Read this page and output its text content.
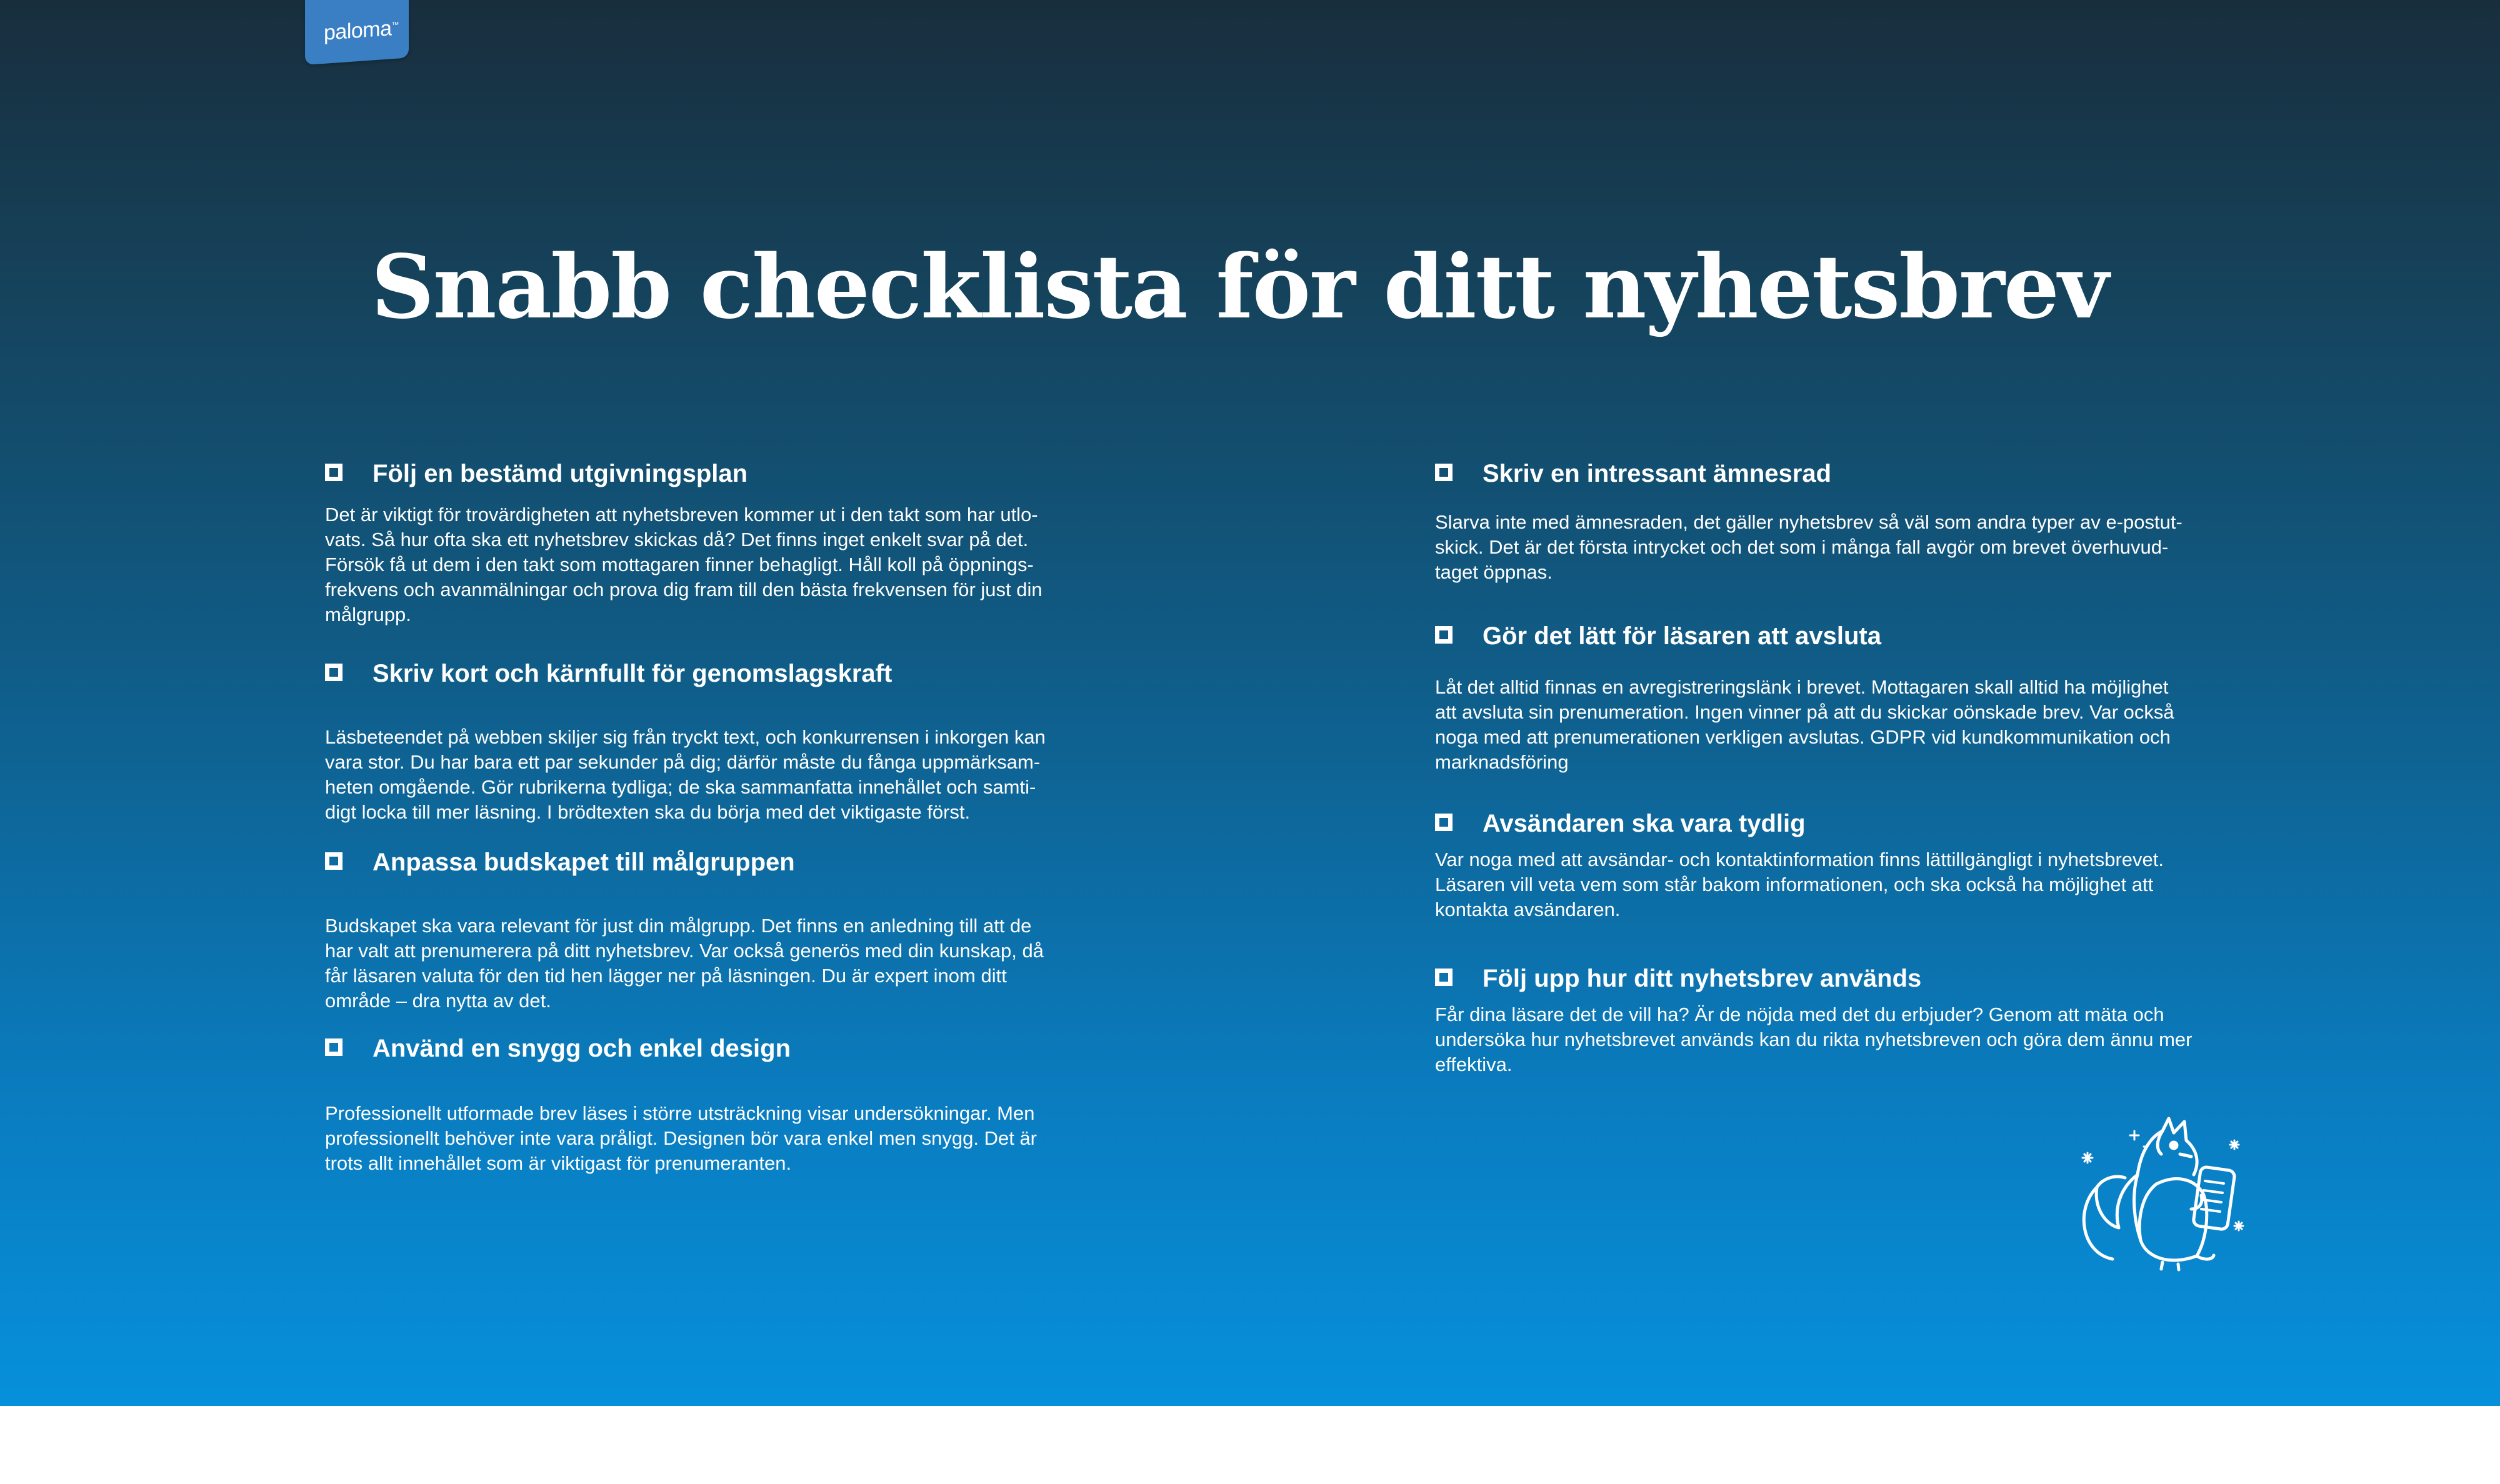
paloma™
Snabb checklista för ditt nyhetsbrev
Följ en bestämd utgivningsplan

Det är viktigt för trovärdigheten att nyhetsbreven kommer ut i den takt som har utlo-
vats. Så hur ofta ska ett nyhetsbrev skickas då? Det finns inget enkelt svar på det.
Försök få ut dem i den takt som mottagaren finner behagligt. Håll koll på öppnings-
frekvens och avanmälningar och prova dig fram till den bästa frekvensen för just din
målgrupp.

Skriv kort och kärnfullt för genomslagskraft

Läsbeteendet på webben skiljer sig från tryckt text, och konkurrensen i inkorgen kan
vara stor. Du har bara ett par sekunder på dig; därför måste du fånga uppmärksam-
heten omgående. Gör rubrikerna tydliga; de ska sammanfatta innehållet och samti-
digt locka till mer läsning. I brödtexten ska du börja med det viktigaste först.

Anpassa budskapet till målgruppen

Budskapet ska vara relevant för just din målgrupp. Det finns en anledning till att de
har valt att prenumerera på ditt nyhetsbrev. Var också generös med din kunskap, då
får läsaren valuta för den tid hen lägger ner på läsningen. Du är expert inom ditt
område – dra nytta av det.

Använd en snygg och enkel design

Professionellt utformade brev läses i större utsträckning visar undersökningar. Men
professionellt behöver inte vara pråligt. Designen bör vara enkel men snygg. Det är
trots allt innehållet som är viktigast för prenumeranten.

Skriv en intressant ämnesrad

Slarva inte med ämnesraden, det gäller nyhetsbrev så väl som andra typer av e-postut-
skick. Det är det första intrycket och det som i många fall avgör om brevet överhuvud-
taget öppnas.

Gör det lätt för läsaren att avsluta

Låt det alltid finnas en avregistreringslänk i brevet. Mottagaren skall alltid ha möjlighet
att avsluta sin prenumeration. Ingen vinner på att du skickar oönskade brev. Var också
noga med att prenumerationen verkligen avslutas. GDPR vid kundkommunikation och
marknadsföring

Avsändaren ska vara tydlig

Var noga med att avsändar- och kontaktinformation finns lättillgängligt i nyhetsbrevet.
Läsaren vill veta vem som står bakom informationen, och ska också ha möjlighet att
kontakta avsändaren.

Följ upp hur ditt nyhetsbrev används

Får dina läsare det de vill ha? Är de nöjda med det du erbjuder? Genom att mäta och
undersöka hur nyhetsbrevet används kan du rikta nyhetsbreven och göra dem ännu mer
effektiva.
